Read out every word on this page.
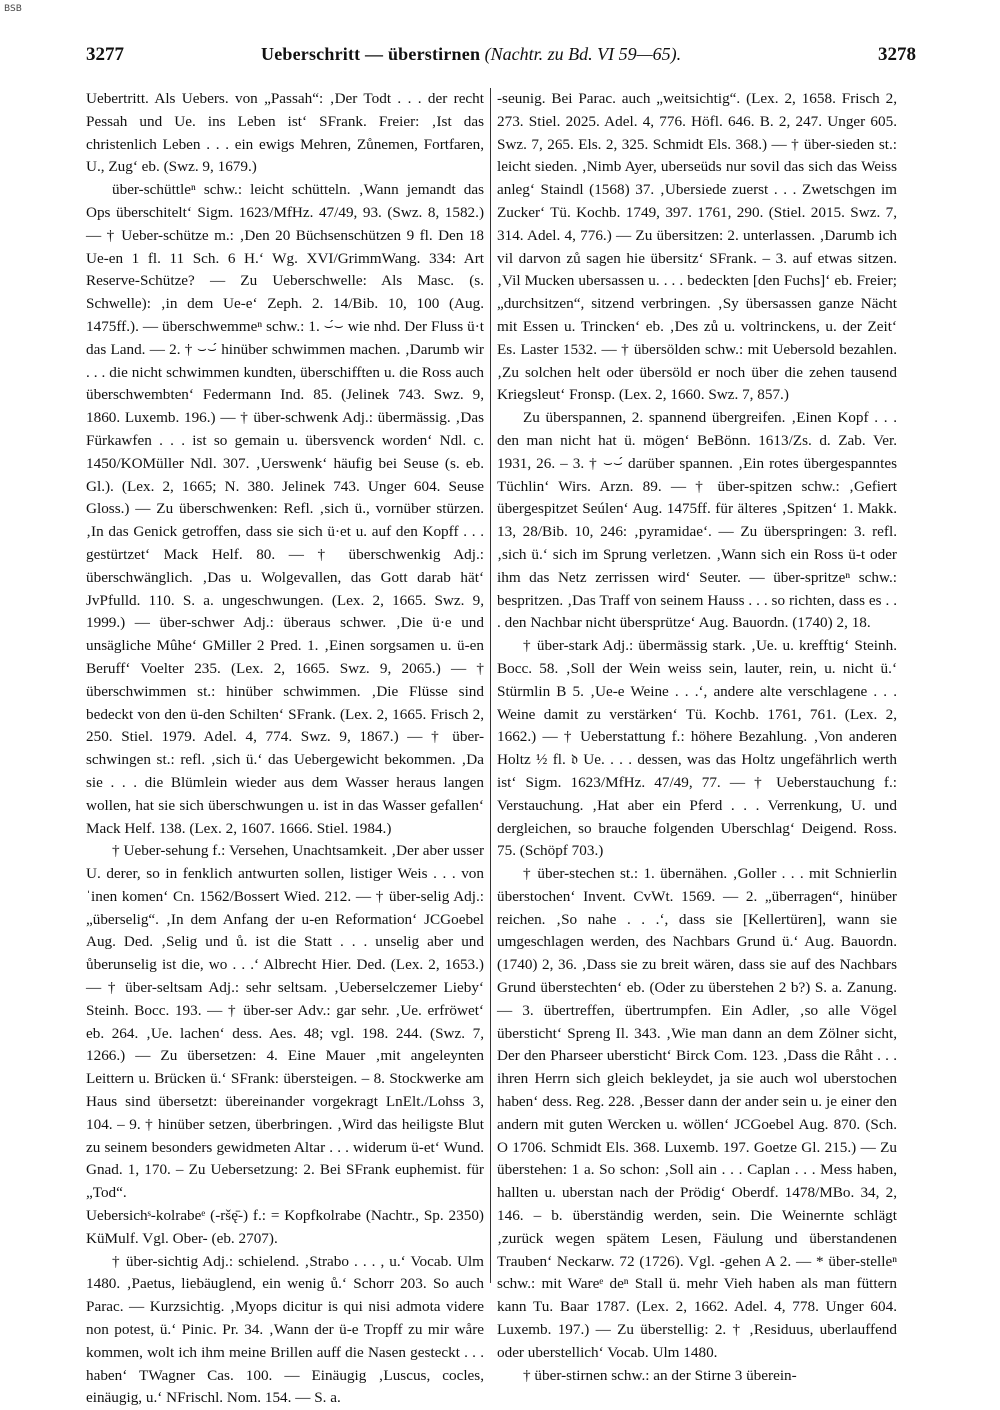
BSB
3277	Ueberschritt — überstirnen (Nachtr. zu Bd. VI 59—65).	3278

Uebertritt. Als Uebers. von „Passah“: ‚Der Todt . . . der recht Pessah und Ue. ins Leben ist‘ SFrank. Freier: ‚Ist das christenlich Leben . . . ein ewigs Mehren, Zůnemen, Fortfaren, U., Zug‘ eb. (Swz. 9, 1679.)

über-schüttleⁿ schw.: leicht schütteln. ‚Wann jemandt das Ops überschitelt‘ Sigm. 1623/MfHz. 47/49, 93. (Swz. 8, 1582.) — † Ueber-schütze m.: ‚Den 20 Büchsenschützen 9 fl. Den 18 Ue-en 1 fl. 11 Sch. 6 H.‘ Wg. XVI/GrimmWang. 334: Art Reserve-Schütze? — Zu Ueberschwelle: Als Masc. (s. Schwelle): ‚in dem Ue-e‘ Zeph. 2. 14/Bib. 10, 100 (Aug. 1475ff.). — überschwemmeⁿ schw.: 1. ⌣́⌣ wie nhd. Der Fluss ü·t das Land. — 2. † ⌣⌣́ hinüber schwimmen machen. ‚Darumb wir . . . die nicht schwimmen kundten, überschifften u. die Ross auch überschwembten‘ Federmann Ind. 85. (Jelinek 743. Swz. 9, 1860. Luxemb. 196.) — † über-schwenk Adj.: übermässig. ‚Das Fürkawfen . . . ist so gemain u. übersvenck worden‘ Ndl. c. 1450/KOMüller Ndl. 307. ‚Uerswenk‘ häufig bei Seuse (s. eb. Gl.). (Lex. 2, 1665; N. 380. Jelinek 743. Unger 604. Seuse Gloss.) — Zu überschwenken: Refl. ‚sich ü., vornüber stürzen. ‚In das Genick getroffen, dass sie sich ü·et u. auf den Kopff . . . gestürtzet‘ Mack Helf. 80. — † überschwenkig Adj.: überschwänglich. ‚Das u. Wolgevallen, das Gott darab hät‘ JvPfulld. 110. S. a. ungeschwungen. (Lex. 2, 1665. Swz. 9, 1999.) — über-schwer Adj.: überaus schwer. ‚Die ü·e und unsägliche Mûhe‘ GMiller 2 Pred. 1. ‚Einen sorgsamen u. ü-en Beruff‘ Voelter 235. (Lex. 2, 1665. Swz. 9, 2065.) — † überschwimmen st.: hinüber schwimmen. ‚Die Flüsse sind bedeckt von den ü-den Schilten‘ SFrank. (Lex. 2, 1665. Frisch 2, 250. Stiel. 1979. Adel. 4, 774. Swz. 9, 1867.) — † über-schwingen st.: refl. ‚sich ü.‘ das Uebergewicht bekommen. ‚Da sie . . . die Blümlein wieder aus dem Wasser heraus langen wollen, hat sie sich überschwungen u. ist in das Wasser gefallen‘ Mack Helf. 138. (Lex. 2, 1607. 1666. Stiel. 1984.)

† Ueber-sehung f.: Versehen, Unachtsamkeit. ‚Der aber usser U. derer, so in fenklich antwurten sollen, listiger Weis . . . von ˈinen komen‘ Cn. 1562/Bossert Wied. 212. — † über-selig Adj.: „überselig“. ‚In dem Anfang der u-en Reformation‘ JCGoebel Aug. Ded. ‚Selig und ů. ist die Statt . . . unselig aber und ůberunselig ist die, wo . . .‘ Albrecht Hier. Ded. (Lex. 2, 1653.) — † über-seltsam Adj.: sehr seltsam. ‚Ueberselczemer Lieby‘ Steinh. Bocc. 193. — † über-ser Adv.: gar sehr. ‚Ue. erfröwet‘ eb. 264. ‚Ue. lachen‘ dess. Aes. 48; vgl. 198. 244. (Swz. 7, 1266.) — Zu übersetzen: 4. Eine Mauer ‚mit angeleynten Leittern u. Brücken ü.‘ SFrank: übersteigen. – 8. Stockwerke am Haus sind übersetzt: übereinander vorgekragt LnElt./Lohss 3, 104. – 9. † hinüber setzen, überbringen. ‚Wird das heiligste Blut zu seinem besonders gewidmeten Altar . . . widerum ü-et‘ Wund. Gnad. 1, 170. – Zu Uebersetzung: 2. Bei SFrank euphemist. für „Tod“.

Uebersichˢ-kolrabeᵉ (-ršę̄-) f.: = Kopfkolrabe (Nachtr., Sp. 2350) KüMulf. Vgl. Ober- (eb. 2707).

† über-sichtig Adj.: schielend. ‚Strabo . . . , u.‘ Vocab. Ulm 1480. ‚Paetus, liebäuglend, ein wenig ů.‘ Schorr 203. So auch Parac. — Kurzsichtig. ‚Myops dicitur is qui nisi admota videre non potest, ü.‘ Pinic. Pr. 34. ‚Wann der ü-e Tropff zu mir wåre kommen, wolt ich ihm meine Brillen auff die Nasen gesteckt . . . haben‘ TWagner Cas. 100. — Einäugig ‚Luscus, cocles, einäugig, u.‘ NFrischl. Nom. 154. — S. a.

-seunig. Bei Parac. auch „weitsichtig“. (Lex. 2, 1658. Frisch 2, 273. Stiel. 2025. Adel. 4, 776. Höfl. 646. B. 2, 247. Unger 605. Swz. 7, 265. Els. 2, 325. Schmidt Els. 368.) — † über-sieden st.: leicht sieden. ‚Nimb Ayer, uberseüds nur sovil das sich das Weiss anleg‘ Staindl (1568) 37. ‚Ubersiede zuerst . . . Zwetschgen im Zucker‘ Tü. Kochb. 1749, 397. 1761, 290. (Stiel. 2015. Swz. 7, 314. Adel. 4, 776.) — Zu übersitzen: 2. unterlassen. ‚Darumb ich vil darvon zů sagen hie übersitz‘ SFrank. – 3. auf etwas sitzen. ‚Vil Mucken ubersassen u. . . . bedeckten [den Fuchs]‘ eb. Freier; „durchsitzen“, sitzend verbringen. ‚Sy übersassen ganze Nächt mit Essen u. Trincken‘ eb. ‚Des zů u. voltrinckens, u. der Zeit‘ Es. Laster 1532. — † übersölden schw.: mit Uebersold bezahlen. ‚Zu solchen helt oder übersöld er noch über die zehen tausend Kriegsleut‘ Fronsp. (Lex. 2, 1660. Swz. 7, 857.)

Zu überspannen, 2. spannend übergreifen. ‚Einen Kopf . . . den man nicht hat ü. mögen‘ BeBönn. 1613/Zs. d. Zab. Ver. 1931, 26. – 3. † ⌣⌣́ darüber spannen. ‚Ein rotes übergespanntes Tüchlin‘ Wirs. Arzn. 89. — † über-spitzen schw.: ‚Gefiert übergespitzet Seúlen‘ Aug. 1475ff. für älteres ‚Spitzen‘ 1. Makk. 13, 28/Bib. 10, 246: ‚pyramidae‘. — Zu überspringen: 3. refl. ‚sich ü.‘ sich im Sprung verletzen. ‚Wann sich ein Ross ü-t oder ihm das Netz zerrissen wird‘ Seuter. — über-spritzeⁿ schw.: bespritzen. ‚Das Traff von seinem Hauss . . . so richten, dass es . . . den Nachbar nicht übersprütze‘ Aug. Bauordn. (1740) 2, 18.

† über-stark Adj.: übermässig stark. ‚Ue. u. krefftig‘ Steinh. Bocc. 58. ‚Soll der Wein weiss sein, lauter, rein, u. nicht ü.‘ Stürmlin B 5. ‚Ue-e Weine . . .‘, andere alte verschlagene . . . Weine damit zu verstärken‘ Tü. Kochb. 1761, 761. (Lex. 2, 1662.) — † Ueberstattung f.: höhere Bezahlung. ‚Von anderen Holtz ½ fl. 𝔡 Ue. . . . dessen, was das Holtz ungefährlich werth ist‘ Sigm. 1623/MfHz. 47/49, 77. — † Ueberstauchung f.: Verstauchung. ‚Hat aber ein Pferd . . . Verrenkung, U. und dergleichen, so brauche folgenden Uberschlag‘ Deigend. Ross. 75. (Schöpf 703.)

† über-stechen st.: 1. übernähen. ‚Goller . . . mit Schnierlin überstochen‘ Invent. CvWt. 1569. — 2. „überragen“, hinüber reichen. ‚So nahe . . .‘, dass sie [Kellertüren], wann sie umgeschlagen werden, des Nachbars Grund ü.‘ Aug. Bauordn. (1740) 2, 36. ‚Dass sie zu breit wären, dass sie auf des Nachbars Grund überstechten‘ eb. (Oder zu überstehen 2 b?) S. a. Zanung. — 3. übertreffen, übertrumpfen. Ein Adler, ‚so alle Vögel übersticht‘ Spreng Il. 343. ‚Wie man dann an dem Zölner sicht, Der den Pharseer ubersticht‘ Birck Com. 123. ‚Dass die Råht . . . ihren Herrn sich gleich bekleydet, ja sie auch wol uberstochen haben‘ dess. Reg. 228. ‚Besser dann der ander sein u. je einer den andern mit guten Wercken u. wöllen‘ JCGoebel Aug. 870. (Sch. O 1706. Schmidt Els. 368. Luxemb. 197. Goetze Gl. 215.) — Zu überstehen: 1 a. So schon: ‚Soll ain . . . Caplan . . . Mess haben, hallten u. uberstan nach der Prödig‘ Oberdf. 1478/MBo. 34, 2, 146. – b. überständig werden, sein. Die Weinernte schlägt ‚zurück wegen spätem Lesen, Fäulung und überstandenen Trauben‘ Neckarw. 72 (1726). Vgl. -gehen A 2. — * über-stelleⁿ schw.: mit Wareᵉ deⁿ Stall ü. mehr Vieh haben als man füttern kann Tu. Baar 1787. (Lex. 2, 1662. Adel. 4, 778. Unger 604. Luxemb. 197.) — Zu überstellig: 2. † ‚Residuus, uberlauffend oder uberstellich‘ Vocab. Ulm 1480.

† über-stirnen schw.: an der Stirne 3 überein-
